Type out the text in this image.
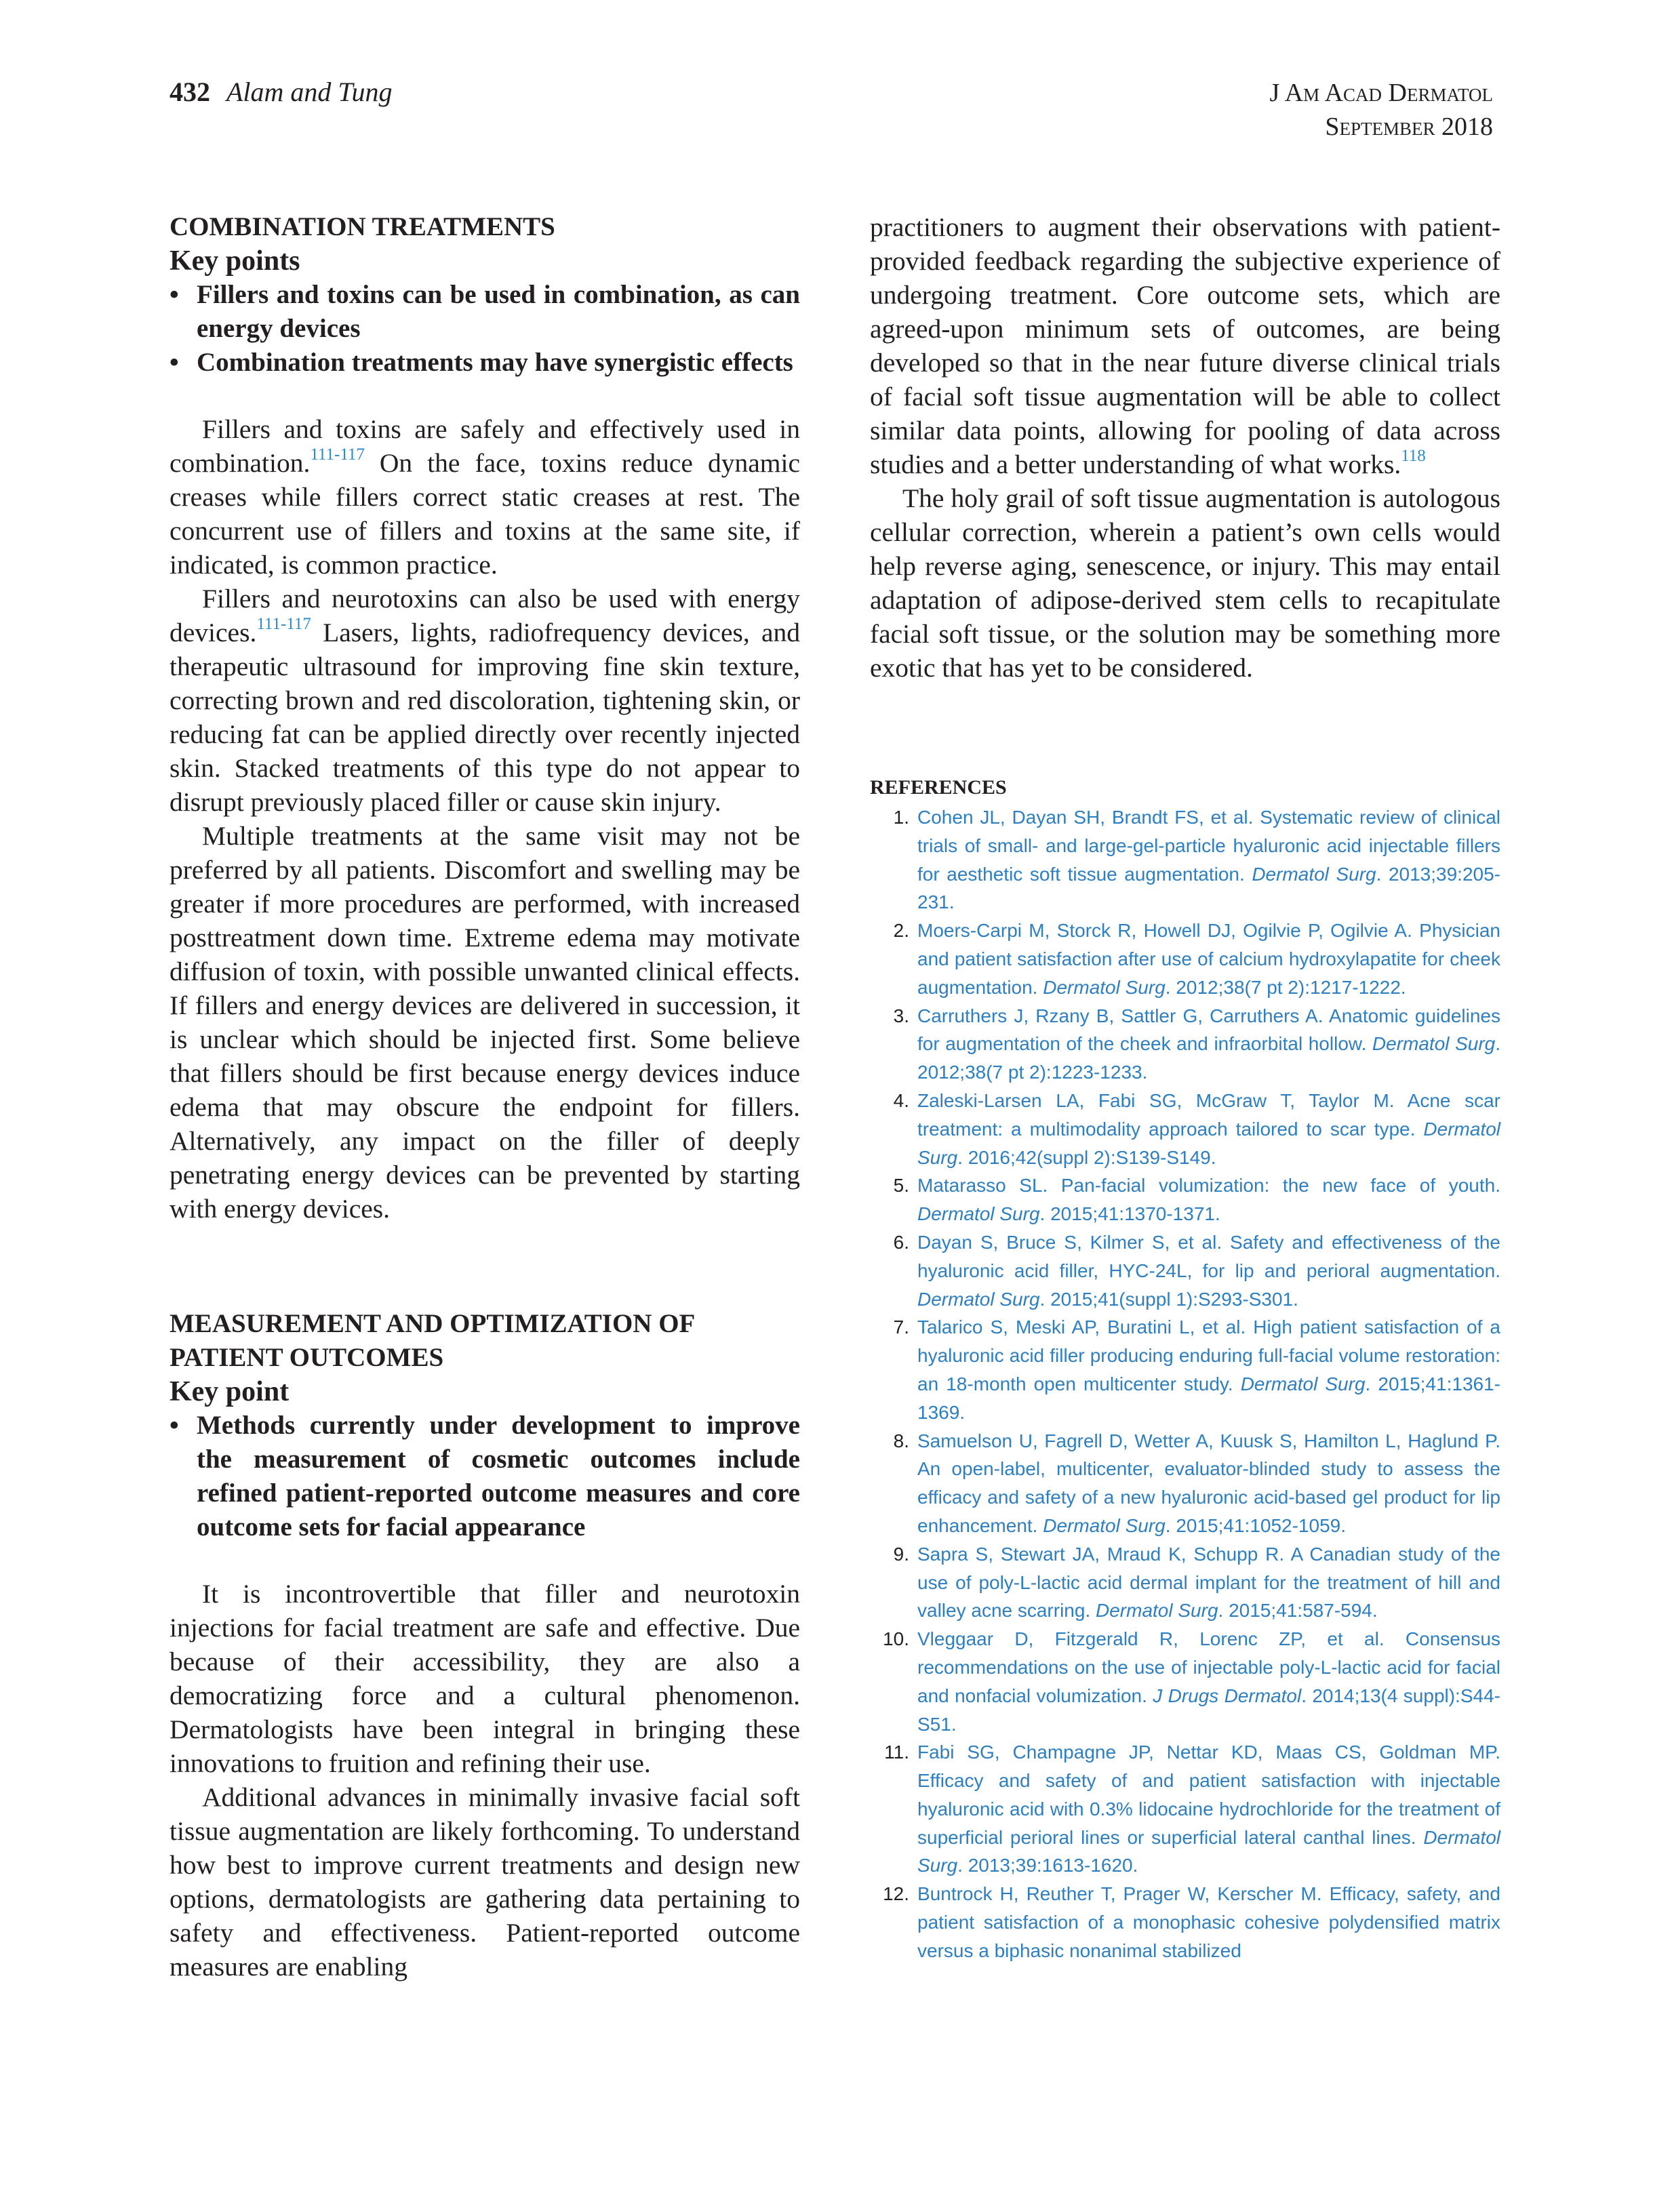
432 Alam and Tung	J Am Acad Dermatol
September 2018
COMBINATION TREATMENTS
Key points
• Fillers and toxins can be used in combination, as can energy devices
• Combination treatments may have synergistic effects

Fillers and toxins are safely and effectively used in combination.$^{111-117}$ On the face, toxins reduce dynamic creases while fillers correct static creases at rest. The concurrent use of fillers and toxins at the same site, if indicated, is common practice.

Fillers and neurotoxins can also be used with energy devices.$^{111-117}$ Lasers, lights, radiofrequency devices, and therapeutic ultrasound for improving fine skin texture, correcting brown and red discoloration, tightening skin, or reducing fat can be applied directly over recently injected skin. Stacked treatments of this type do not appear to disrupt previously placed filler or cause skin injury.

Multiple treatments at the same visit may not be preferred by all patients. Discomfort and swelling may be greater if more procedures are performed, with increased posttreatment down time. Extreme edema may motivate diffusion of toxin, with possible unwanted clinical effects. If fillers and energy devices are delivered in succession, it is unclear which should be injected first. Some believe that fillers should be first because energy devices induce edema that may obscure the endpoint for fillers. Alternatively, any impact on the filler of deeply penetrating energy devices can be prevented by starting with energy devices.

MEASUREMENT AND OPTIMIZATION OF PATIENT OUTCOMES
Key point
• Methods currently under development to improve the measurement of cosmetic outcomes include refined patient-reported outcome measures and core outcome sets for facial appearance

It is incontrovertible that filler and neurotoxin injections for facial treatment are safe and effective. Due because of their accessibility, they are also a democratizing force and a cultural phenomenon. Dermatologists have been integral in bringing these innovations to fruition and refining their use.

Additional advances in minimally invasive facial soft tissue augmentation are likely forthcoming. To understand how best to improve current treatments and design new options, dermatologists are gathering data pertaining to safety and effectiveness. Patient-reported outcome measures are enabling

practitioners to augment their observations with patient-provided feedback regarding the subjective experience of undergoing treatment. Core outcome sets, which are agreed-upon minimum sets of outcomes, are being developed so that in the near future diverse clinical trials of facial soft tissue augmentation will be able to collect similar data points, allowing for pooling of data across studies and a better understanding of what works.$^{118}$

The holy grail of soft tissue augmentation is autologous cellular correction, wherein a patient’s own cells would help reverse aging, senescence, or injury. This may entail adaptation of adipose-derived stem cells to recapitulate facial soft tissue, or the solution may be something more exotic that has yet to be considered.

REFERENCES
1. Cohen JL, Dayan SH, Brandt FS, et al. Systematic review of clinical trials of small- and large-gel-particle hyaluronic acid injectable fillers for aesthetic soft tissue augmentation. Dermatol Surg. 2013;39:205-231.
2. Moers-Carpi M, Storck R, Howell DJ, Ogilvie P, Ogilvie A. Physician and patient satisfaction after use of calcium hydroxylapatite for cheek augmentation. Dermatol Surg. 2012;38(7 pt 2):1217-1222.
3. Carruthers J, Rzany B, Sattler G, Carruthers A. Anatomic guidelines for augmentation of the cheek and infraorbital hollow. Dermatol Surg. 2012;38(7 pt 2):1223-1233.
4. Zaleski-Larsen LA, Fabi SG, McGraw T, Taylor M. Acne scar treatment: a multimodality approach tailored to scar type. Dermatol Surg. 2016;42(suppl 2):S139-S149.
5. Matarasso SL. Pan-facial volumization: the new face of youth. Dermatol Surg. 2015;41:1370-1371.
6. Dayan S, Bruce S, Kilmer S, et al. Safety and effectiveness of the hyaluronic acid filler, HYC-24L, for lip and perioral augmentation. Dermatol Surg. 2015;41(suppl 1):S293-S301.
7. Talarico S, Meski AP, Buratini L, et al. High patient satisfaction of a hyaluronic acid filler producing enduring full-facial volume restoration: an 18-month open multicenter study. Dermatol Surg. 2015;41:1361-1369.
8. Samuelson U, Fagrell D, Wetter A, Kuusk S, Hamilton L, Haglund P. An open-label, multicenter, evaluator-blinded study to assess the efficacy and safety of a new hyaluronic acid-based gel product for lip enhancement. Dermatol Surg. 2015;41:1052-1059.
9. Sapra S, Stewart JA, Mraud K, Schupp R. A Canadian study of the use of poly-L-lactic acid dermal implant for the treatment of hill and valley acne scarring. Dermatol Surg. 2015;41:587-594.
10. Vleggaar D, Fitzgerald R, Lorenc ZP, et al. Consensus recommendations on the use of injectable poly-L-lactic acid for facial and nonfacial volumization. J Drugs Dermatol. 2014;13(4 suppl):S44-S51.
11. Fabi SG, Champagne JP, Nettar KD, Maas CS, Goldman MP. Efficacy and safety of and patient satisfaction with injectable hyaluronic acid with 0.3% lidocaine hydrochloride for the treatment of superficial perioral lines or superficial lateral canthal lines. Dermatol Surg. 2013;39:1613-1620.
12. Buntrock H, Reuther T, Prager W, Kerscher M. Efficacy, safety, and patient satisfaction of a monophasic cohesive polydensified matrix versus a biphasic nonanimal stabilized
